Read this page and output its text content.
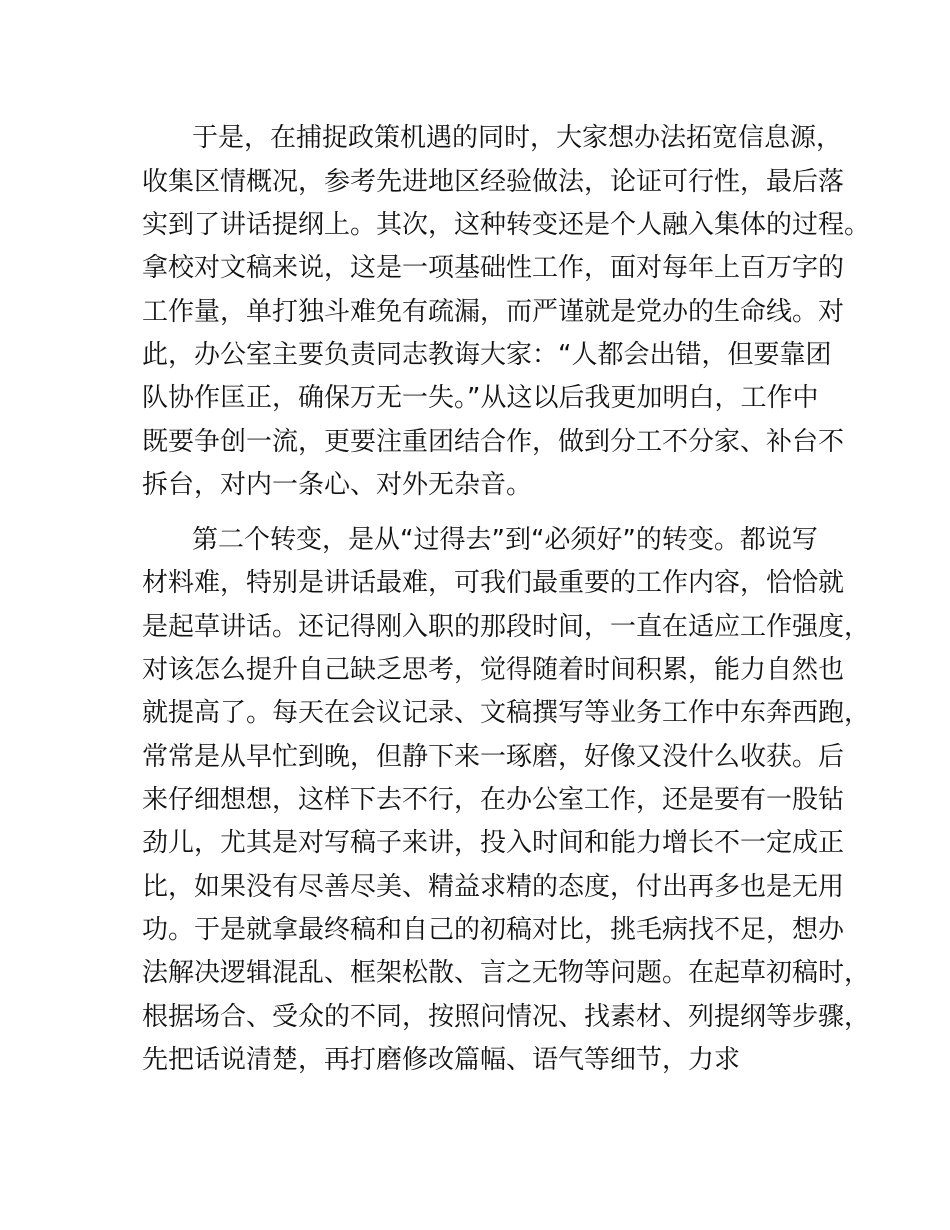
于是，在捕捉政策机遇的同时，大家想办法拓宽信息源，
收集区情概况，参考先进地区经验做法，论证可行性，最后落
实到了讲话提纲上。其次，这种转变还是个人融入集体的过程。
拿校对文稿来说，这是一项基础性工作，面对每年上百万字的
工作量，单打独斗难免有疏漏，而严谨就是党办的生命线。对
此，办公室主要负责同志教诲大家：“人都会出错，但要靠团
队协作匡正，确保万无一失。”从这以后我更加明白，工作中
既要争创一流，更要注重团结合作，做到分工不分家、补台不
拆台，对内一条心、对外无杂音。
第二个转变，是从“过得去”到“必须好”的转变。都说写
材料难，特别是讲话最难，可我们最重要的工作内容，恰恰就
是起草讲话。还记得刚入职的那段时间，一直在适应工作强度，
对该怎么提升自己缺乏思考，觉得随着时间积累，能力自然也
就提高了。每天在会议记录、文稿撰写等业务工作中东奔西跑，
常常是从早忙到晚，但静下来一琢磨，好像又没什么收获。后
来仔细想想，这样下去不行，在办公室工作，还是要有一股钻
劲儿，尤其是对写稿子来讲，投入时间和能力增长不一定成正
比，如果没有尽善尽美、精益求精的态度，付出再多也是无用
功。于是就拿最终稿和自己的初稿对比，挑毛病找不足，想办
法解决逻辑混乱、框架松散、言之无物等问题。在起草初稿时，
根据场合、受众的不同，按照问情况、找素材、列提纲等步骤，
先把话说清楚，再打磨修改篇幅、语气等细节，力求
